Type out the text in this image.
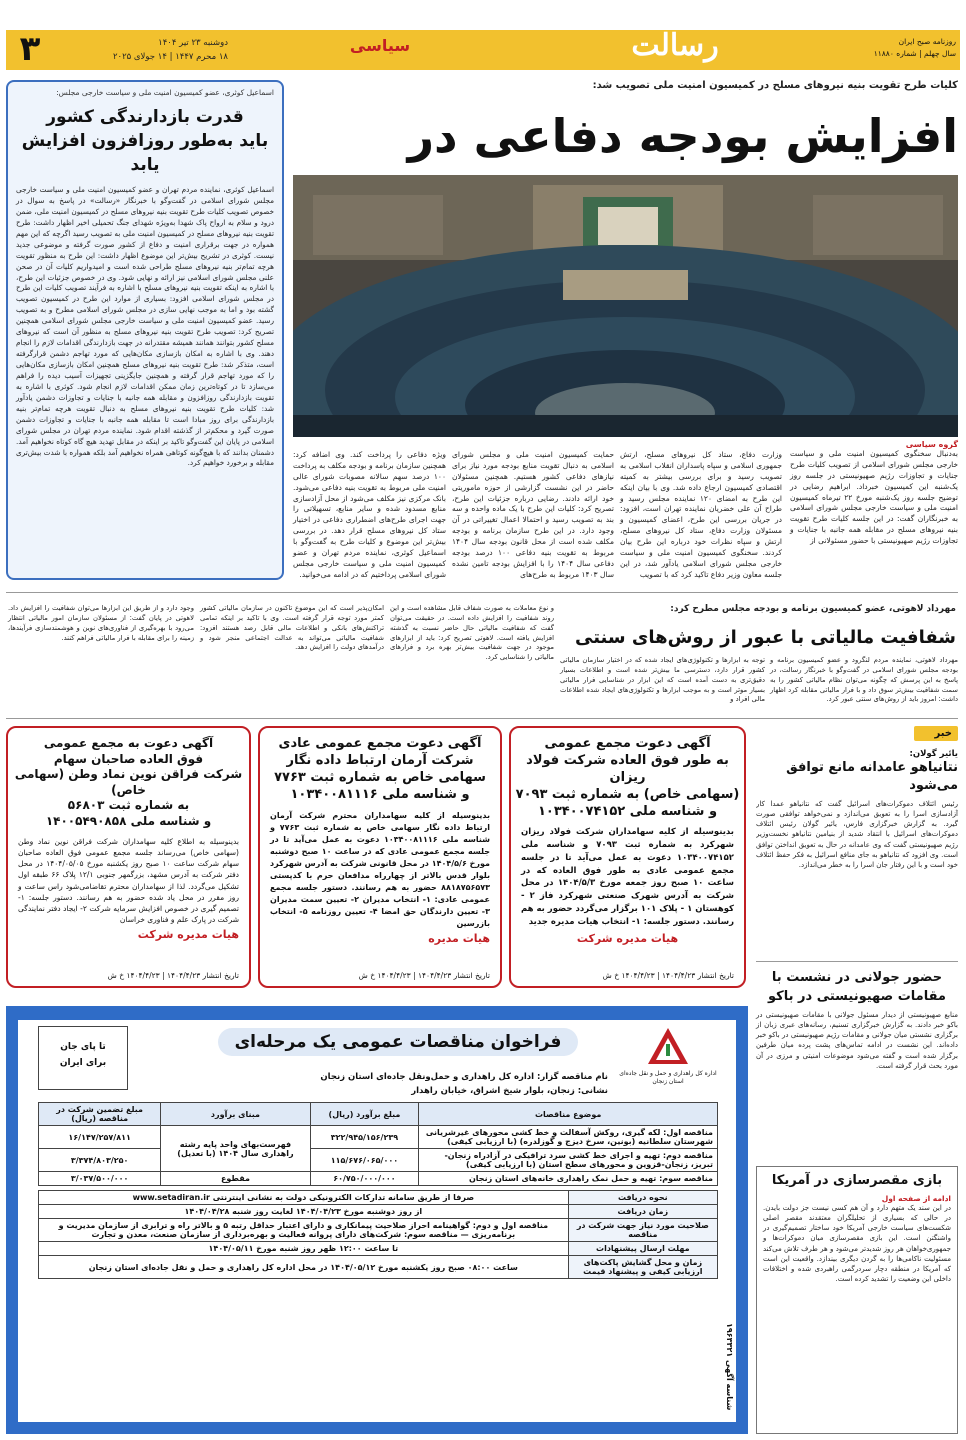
۳	دوشنبه ۲۳ تیر ۱۴۰۴
۱۸ محرم ۱۴۴۷ | ۱۴ جولای ۲۰۲۵
سیاسی	رسالت	روزنامه صبح ایران
سال چهلم | شماره ۱۱۸۸۰
کلیات طرح تقویت بنیه نیروهای مسلح در کمیسیون امنیت ملی تصویب شد:
افزایش بودجه دفاعی در
گروه سیاسی
به‌دنبال سخنگوی کمیسیون امنیت ملی و سیاست خارجی مجلس شورای اسلامی از تصویب کلیات طرح جنایات و تجاوزات رژیم صهیونیستی در جلسه روز یک‌شنبه این کمیسیون خبرداد. ابراهیم رضایی در توضیح جلسه روز یک‌شنبه مورخ ۲۲ تیرماه کمیسیون امنیت ملی و سیاست خارجی مجلس شورای اسلامی به خبرنگاران گفت: در این جلسه کلیات طرح تقویت بنیه نیروهای مسلح در مقابله همه جانبه با جنایات و تجاوزات رژیم صهیونیستی با حضور مسئولانی از
وزارت دفاع، ستاد کل نیروهای مسلح، ارتش جمهوری اسلامی و سپاه پاسداران انقلاب اسلامی به تصویب رسید و برای بررسی بیشتر به کمیته اقتصادی کمیسیون ارجاع داده شد. وی با بیان اینکه این طرح به امضای ۱۲۰ نماینده مجلس رسید و طراح آن علی خضریان نماینده تهران است، افزود: در جریان بررسی این طرح، اعضای کمیسیون و مسئولان وزارت دفاع، ستاد کل نیروهای مسلح، ارتش و سپاه نظرات خود درباره این طرح بیان کردند. سخنگوی کمیسیون امنیت ملی و سیاست خارجی مجلس شورای اسلامی یادآور شد، در این جلسه معاون وزیر دفاع تاکید کرد که با تصویب
حمایت کمیسیون امنیت ملی و مجلس شورای اسلامی به دنبال تقویت منابع بودجه مورد نیاز برای نیازهای دفاعی کشور هستیم. همچنین مسئولان حاضر در این نشست گزارشی از حوزه ماموریتی خود ارائه دادند. رضایی درباره جزئیات این طرح، تصریح کرد: کلیات این طرح با یک ماده واحده و سه بند به تصویب رسید و احتمالا اعمال تغییراتی در آن وجود دارد. در این طرح سازمان برنامه و بودجه مکلف شده است از محل قانون بودجه سال ۱۴۰۴ مربوط به تقویت بنیه دفاعی ۱۰۰ درصد بودجه دفاعی سال ۱۴۰۴ را با افزایش بودجه تامین نشده سال ۱۴۰۳ مربوط به طرح‌های
ویژه دفاعی را پرداخت کند. وی اضافه کرد: همچنین سازمان برنامه و بودجه مکلف به پرداخت ۱۰۰ درصد سهم سالانه مصوبات شورای عالی امنیت ملی مربوط به تقویت بنیه دفاعی می‌شود. بانک مرکزی نیز مکلف می‌شود از محل آزادسازی منابع مسدود شده و سایر منابع، تسهیلاتی را جهت اجرای طرح‌های اضطراری دفاعی در اختیار ستاد کل نیروهای مسلح قرار دهد. در بررسی بیش‌تر این موضوع و کلیات طرح به گفت‌وگو با اسماعیل کوثری، نماینده مردم تهران و عضو کمیسیون امنیت ملی و سیاست خارجی مجلس شورای اسلامی پرداختیم که در ادامه می‌خوانید.
اسماعیل کوثری، عضو کمیسیون امنیت ملی و سیاست خارجی مجلس:
قدرت بازدارندگی کشور
باید به‌طور روزافزون افزایش یابد
اسماعیل کوثری، نماینده مردم تهران و عضو کمیسیون امنیت ملی و سیاست خارجی مجلس شورای اسلامی در گفت‌وگو با خبرنگار «رسالت» در پاسخ به سوال در خصوص تصویب کلیات طرح تقویت بنیه نیروهای مسلح در کمیسیون امنیت ملی، ضمن درود و سلام به ارواح پاک شهدا به‌ویژه شهدای جنگ تحمیلی اخیر اظهار داشت: طرح تقویت بنیه نیروهای مسلح در کمیسیون امنیت ملی به تصویب رسید اگرچه که این مهم همواره در جهت برقراری امنیت و دفاع از کشور صورت گرفته و موضوعی جدید نیست. کوثری در تشریح بیش‌تر این موضوع اظهار داشت: این طرح به منظور تقویت هرچه تمام‌تر بنیه نیروهای مسلح طراحی شده است و امیدواریم کلیات آن در صحن علنی مجلس شورای اسلامی نیز ارائه و نهایی شود. وی در خصوص جزئیات این طرح، با اشاره به اینکه تقویت بنیه نیروهای مسلح با اشاره به فرآیند تصویب کلیات این طرح در مجلس شورای اسلامی افزود: بسیاری از موارد این طرح در کمیسیون تصویب گشته بود و اما به موجب نهایی سازی در مجلس شورای اسلامی مطرح و به تصویب رسید. عضو کمیسیون امنیت ملی و سیاست خارجی مجلس شورای اسلامی همچنین تصریح کرد: تصویب طرح تقویت بنیه نیروهای مسلح به منظور آن است که نیروهای مسلح کشور بتوانند همانند همیشه مقتدرانه در جهت بازدارندگی اقدامات لازم را انجام دهند. وی با اشاره به امکان بازسازی مکان‌هایی که مورد تهاجم دشمن قرارگرفته است، متذکر شد: طرح تقویت بنیه نیروهای مسلح همچنین امکان بازسازی مکان‌هایی را که مورد تهاجم قرار گرفته و همچنین جایگزینی تجهیزات آسیب دیده را فراهم می‌سازد تا در کوتاه‌ترین زمان ممکن اقدامات لازم انجام شود. کوثری با اشاره به تقویت بازدارندگی روزافزون و مقابله همه جانبه با جنایات و تجاوزات دشمن یادآور شد: کلیات طرح تقویت بنیه نیروهای مسلح به دنبال تقویت هرچه تمام‌تر بنیه بازدارندگی برای روز مبادا است تا مقابله همه جانبه با جنایات و تجاوزات دشمن صورت گیرد و محکم‌تر از گذشته اقدام شود. نماینده مردم تهران در مجلس شورای اسلامی در پایان این گفت‌وگو تاکید بر اینکه در مقابل تهدید هیچ گاه کوتاه نخواهیم آمد. دشمنان بدانند که با هیچ‌گونه کوتاهی همراه نخواهیم آمد بلکه همواره با شدت بیش‌تری مقابله و برخورد خواهیم کرد.
مهرداد لاهوتی، عضو کمیسیون برنامه و بودجه مجلس مطرح کرد:
شفافیت مالیاتی با عبور از روش‌های سنتی
مهرداد لاهوتی، نماینده مردم لنگرود و عضو کمیسیون برنامه و بودجه مجلس شورای اسلامی در گفت‌وگو با خبرنگار رسالت، در پاسخ به این پرسش که چگونه می‌توان نظام مالیاتی کشور را به سمت شفافیت بیش‌تر سوق داد و با فرار مالیاتی مقابله کرد اظهار داشت: امروز باید از روش‌های سنتی عبور کرد.
توجه به ابزارها و تکنولوژی‌های ایجاد شده که در اختیار سازمان مالیاتی کشور قرار دارد، دسترسی ما بیش‌تر شده است و اطلاعات بسیار دقیق‌تری به دست آمده است که این ابزار در شناسایی فرار مالیاتی بسیار موثر است و به موجب ابزارها و تکنولوژی‌های ایجاد شده اطلاعات مالی افراد و
و نوع معاملات به صورت شفاف قابل مشاهده است و این روند شفافیت را افزایش داده است. در حقیقت می‌توان گفت که شفافیت مالیاتی حال حاضر نسبت به گذشته افزایش یافته است. لاهوتی تصریح کرد: باید از ابزارهای موجود در جهت شفافیت بیش‌تر بهره برد و فرارهای مالیاتی را شناسایی کرد.
امکان‌پذیر است که این موضوع تاکنون در سازمان مالیاتی کشور کمتر مورد توجه قرار گرفته است. وی با تاکید بر اینکه تمامی تراکنش‌های بانکی و اطلاعات مالی قابل رصد هستند افزود: شفافیت مالیاتی می‌تواند به عدالت اجتماعی منجر شود و درآمدهای دولت را افزایش دهد.
وجود دارد و از طریق این ابزارها می‌توان شفافیت را افزایش داد. لاهوتی در پایان گفت: از مسئولان سازمان امور مالیاتی انتظار می‌رود با بهره‌گیری از فناوری‌های نوین و هوشمندسازی فرآیندها، زمینه را برای مقابله با فرار مالیاتی فراهم کنند.
آگهی دعوت مجمع عمومی
به طور فوق العاده شرکت فولاد ریزان
(سهامی خاص) به شماره ثبت ۷۰۹۳
و شناسه ملی ۱۰۳۴۰۰۷۴۱۵۲
بدینوسیله از کلیه سهامداران شرکت فولاد ریزان شهرکرد به شماره ثبت ۷۰۹۳ و شناسه ملی ۱۰۳۴۰۰۷۴۱۵۲ دعوت به عمل می‌آید تا در جلسه مجمع عمومی عادی به طور فوق العاده که در ساعت ۱۰ صبح روز جمعه مورخ ۱۴۰۴/۵/۳ در محل شرکت به آدرس شهرک صنعتی شهرکرد فاز ۲ - کوهستان ۱ - پلاک ۱۰۱ برگزار می‌گردد حضور به هم رسانند. دستور جلسه: ۱- انتخاب هیات مدیره جدید
هیات مدیره شرکت
تاریخ انتشار ۱۴۰۴/۴/۲۳ | ۱۴۰۴/۴/۲۳ خ ش
آگهی دعوت مجمع عمومی عادی
شرکت آرمان ارتباط داده نگار
سهامی خاص به شماره ثبت ۷۷۶۳
و شناسه ملی ۱۰۳۴۰۰۸۱۱۱۶
بدینوسیله از کلیه سهامداران محترم شرکت آرمان ارتباط داده نگار سهامی خاص به شماره ثبت ۷۷۶۳ و شناسه ملی ۱۰۳۴۰۰۸۱۱۱۶ دعوت به عمل می‌آید تا در جلسه مجمع عمومی عادی که در ساعت ۱۰ صبح دوشنبه مورخ ۱۴۰۴/۵/۶ در محل قانونی شرکت به آدرس شهرکرد بلوار قدس بالاتر از چهارراه مدافعان حرم با کدپستی ۸۸۱۸۷۵۶۵۷۳ حضور به هم رسانند. دستور جلسه مجمع عمومی عادی: ۱- انتخاب مدیران ۲- تعیین سمت مدیران ۳- تعیین دارندگان حق امضا ۴- تعیین روزنامه ۵- انتخاب بازرسین
هیات مدیره
تاریخ انتشار ۱۴۰۴/۴/۲۳ | ۱۴۰۴/۴/۲۳ خ ش
آگهی دعوت به مجمع عمومی
فوق العاده صاحبان سهام
شرکت فراقن نوین نماد وطن (سهامی خاص)
به شماره ثبت ۵۶۸۰۳
و شناسه ملی ۱۴۰۰۵۴۹۰۸۵۸
بدینوسیله به اطلاع کلیه سهامداران شرکت فراقن نوین نماد وطن (سهامی خاص) می‌رساند جلسه مجمع عمومی فوق العاده صاحبان سهام شرکت ساعت ۱۰ صبح روز یکشنبه مورخ ۱۴۰۴/۰۵/۰۵ در محل دفتر شرکت به آدرس مشهد، بزرگمهر جنوبی ۱۲/۱ پلاک ۶۶ طبقه اول تشکیل می‌گردد. لذا از سهامداران محترم تقاضامی‌شود راس ساعت و روز مقرر در محل یاد شده حضور به هم رسانند. دستور جلسه: ۱- تصمیم گیری در خصوص افزایش سرمایه شرکت ۲- ایجاد دفتر نمایندگی شرکت در پارک علم و فناوری خراسان
هیات مدیره شرکت
تاریخ انتشار ۱۴۰۴/۴/۲۳ | ۱۴۰۴/۴/۲۳ خ ش
خبر
یائیر گولان:
نتانیاهو عامدانه مانع توافق می‌شود
رئیس ائتلاف دموکرات‌های اسرائیل گفت که نتانیاهو عمدا کار آزادسازی اسرا را به تعویق می‌اندازد و نمی‌خواهد توافقی صورت گیرد. به گزارش خبرگزاری فارس، یائیر گولان رئیس ائتلاف دموکرات‌های اسرائیل با انتقاد شدید از بنیامین نتانیاهو نخست‌وزیر رژیم صهیونیستی گفت که وی عامدانه در حال به تعویق انداختن توافق است. وی افزود که نتانیاهو به جای منافع اسرائیل به فکر حفظ ائتلاف خود است و با این رفتار جان اسرا را به خطر می‌اندازد.
حضور جولانی در نشست با مقامات صهیونیستی در باکو
منابع صهیونیستی از دیدار مسئول جولانی با مقامات صهیونیستی در باکو خبر دادند. به گزارش خبرگزاری تسنیم، رسانه‌های عبری زبان از برگزاری نشستی میان جولانی و مقامات رژیم صهیونیستی در باکو خبر داده‌اند. این نشست در ادامه تماس‌های پشت پرده میان طرفین برگزار شده است و گفته می‌شود موضوعات امنیتی و مرزی در آن مورد بحث قرار گرفته است.
بازی مقصرسازی در آمریکا
ادامه از صفحه اول
در این سند یک متهم دارد و آن هم کسی نیست جز دولت بایدن. در حالی که بسیاری از تحلیلگران معتقدند مقصر اصلی شکست‌های سیاست خارجی آمریکا خود ساختار تصمیم‌گیری در واشنگتن است. این بازی مقصرسازی میان دموکرات‌ها و جمهوری‌خواهان هر روز شدیدتر می‌شود و هر طرف تلاش می‌کند مسئولیت ناکامی‌ها را به گردن دیگری بیندازد. واقعیت این است که آمریکا در منطقه دچار سردرگمی راهبردی شده و اختلافات داخلی این وضعیت را تشدید کرده است.
فراخوان مناقصات عمومی یک مرحله‌ای
تا پای جان
برای ایران
اداره کل راهداری و حمل و نقل جاده‌ای استان زنجان
نام مناقصه گزار: اداره کل راهداری و حمل‌ونقل جاده‌ای استان زنجان
نشانی: زنجان، بلوار شیخ اشراق، خیابان راهدار
موضوع مناقصات	مبلغ برآورد (ریال)	مبنای برآورد	مبلغ تضمین شرکت در مناقصه (ریال)
مناقصه اول: لکه گیری، روکش آسفالت و خط کشی محورهای غیرشریانی شهرستان سلطانیه (بونین، سرخ دیزج و گوزلدره) (با ارزیابی کیفی)	۳۲۲/۹۴۵/۱۵۶/۲۳۹	فهرست‌بهای واحد پایه رشته راهداری سال ۱۴۰۴ (با تعدیل)	۱۶/۱۴۷/۲۵۷/۸۱۱
مناقصه دوم: تهیه و اجرای خط کشی سرد ترافیکی در آزادراه زنجان-تبریز، زنجان-قزوین و محورهای سطح استان (با ارزیابی کیفی)	۱۱۵/۶۷۶/۰۶۵/۰۰۰		۳/۳۷۴/۸۰۳/۲۵۰
مناقصه سوم: تهیه و حمل نمک راهداری خانه‌های استان زنجان	۶۰/۷۵۰/۰۰۰/۰۰۰	مقطوع	۳/۰۳۷/۵۰۰/۰۰۰
نحوه دریافت	صرفا از طریق سامانه تدارکات الکترونیکی دولت به نشانی اینترنتی www.setadiran.ir
زمان دریافت	از روز دوشنبه مورخ ۱۴۰۴/۰۴/۲۳ لغایت روز شنبه ۱۴۰۴/۰۴/۲۸
صلاحیت مورد نیاز جهت شرکت در مناقصه	مناقصه اول و دوم: گواهینامه احراز صلاحیت پیمانکاری و دارای اعتبار حداقل رتبه ۵ و بالاتر راه و ترابری از سازمان مدیریت و برنامه‌ریزی — مناقصه سوم: شرکت‌های دارای پروانه فعالیت و بهره‌برداری از سازمان صنعت، معدن و تجارت
مهلت ارسال پیشنهادات	تا ساعت ۱۲:۰۰ ظهر روز شنبه مورخ ۱۴۰۴/۰۵/۱۱
زمان و محل گشایش پاکت‌های ارزیابی کیفی و پیشنهاد قیمت	ساعت ۰۸:۰۰ صبح روز یکشنبه مورخ ۱۴۰۴/۰۵/۱۲ در محل اداره کل راهداری و حمل و نقل جاده‌ای استان زنجان
شناسه آگهی ۱۹۶۳۳۲۱
